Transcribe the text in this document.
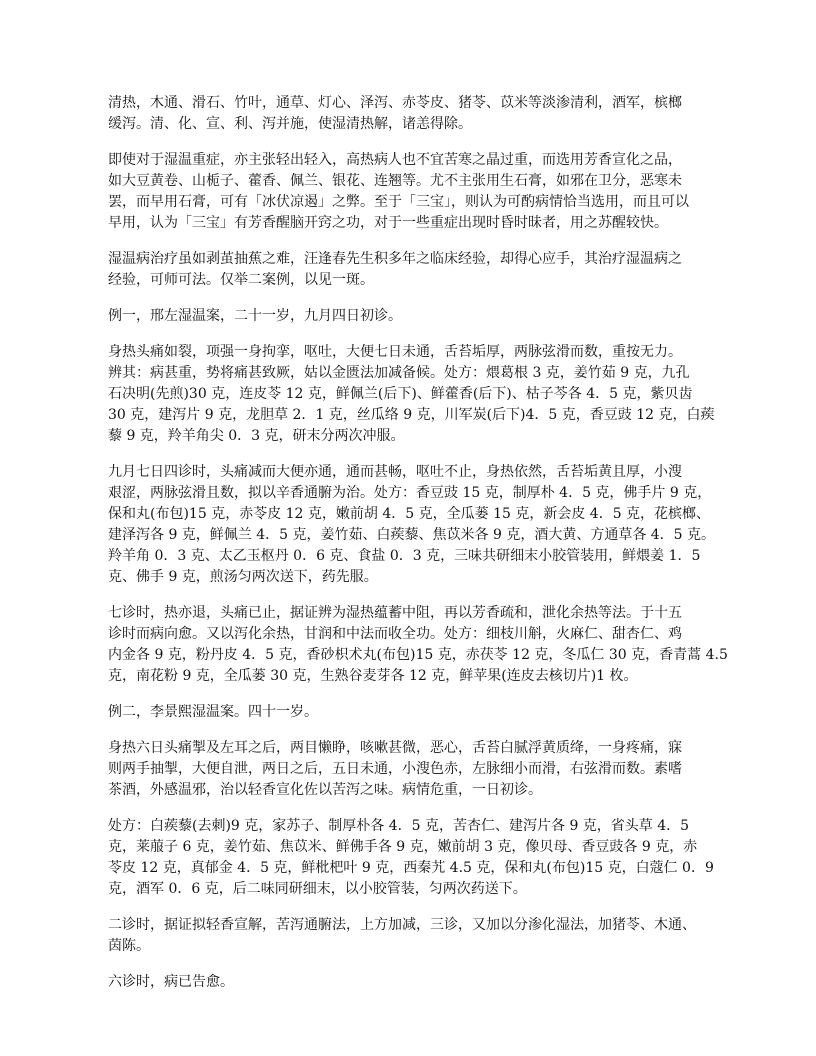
清热，木通、滑石、竹叶，通草、灯心、泽泻、赤苓皮、猪苓、苡米等淡渗清利，酒军，槟榔
缓泻。清、化、宣、利、泻并施，使湿清热解，诸恙得除。
即使对于湿温重症，亦主张轻出轻入，高热病人也不宜苦寒之晶过重，而选用芳香宣化之品，
如大豆黄卷、山栀子、藿香、佩兰、银花、连翘等。尤不主张用生石膏，如邪在卫分，恶寒未
罢，而早用石膏，可有「冰伏凉遏」之弊。至于「三宝」，则认为可酌病情恰当选用，而且可以
早用，认为「三宝」有芳香醒脑开窍之功，对于一些重症出现时昏时昧者，用之苏醒较快。
湿温病治疗虽如剥茧抽蕉之难，汪逢春先生积多年之临床经验，却得心应手，其治疗湿温病之
经验，可师可法。仅举二案例，以见一斑。
例一，邢左湿温案，二十一岁，九月四日初诊。
身热头痛如裂，项强一身拘挛，呕吐，大便七日未通，舌苔垢厚，两脉弦滑而数，重按无力。
辨其：病甚重，势将痛甚致厥，姑以金匮法加减备候。处方：煨葛根 3 克，姜竹茹 9 克，九孔
石决明(先煎)30 克，连皮苓 12 克，鲜佩兰(后下)、鲜藿香(后下)、枯子芩各 4．5 克，紫贝齿
30 克，建泻片 9 克，龙胆草 2．1 克，丝瓜络 9 克，川军炭(后下)4．5 克，香豆豉 12 克，白蒺
藜 9 克，羚羊角尖 0．3 克，研末分两次冲服。
九月七日四诊时，头痛减而大便亦通，通而甚畅，呕吐不止，身热依然，舌苔垢黄且厚，小溲
艰涩，两脉弦滑且数，拟以辛香通腑为治。处方：香豆豉 15 克，制厚朴 4．5 克，佛手片 9 克，
保和丸(布包)15 克，赤苓皮 12 克，嫩前胡 4．5 克，全瓜蒌 15 克，新会皮 4．5 克，花槟榔、
建泽泻各 9 克，鲜佩兰 4．5 克，姜竹茹、白蒺藜、焦苡米各 9 克，酒大黄、方通草各 4．5 克。
羚羊角 0．3 克、太乙玉枢丹 0．6 克、食盐 0．3 克，三味共研细末小胶管装用，鲜煨姜 1．5
克、佛手 9 克，煎汤匀两次送下，药先服。
七诊时，热亦退，头痛已止，据证辨为湿热蕴蓄中阻，再以芳香疏和，泄化余热等法。于十五
诊时而病向愈。又以泻化余热，甘润和中法而收全功。处方：细枝川斛，火麻仁、甜杏仁、鸡
内金各 9 克，粉丹皮 4．5 克，香砂枳术丸(布包)15 克，赤茯苓 12 克，冬瓜仁 30 克，香青蒿 4.5
克，南花粉 9 克，全瓜蒌 30 克，生熟谷麦芽各 12 克，鲜苹果(连皮去核切片)1 枚。
例二，李景熙湿温案。四十一岁。
身热六日头痛掣及左耳之后，两目懒睁，咳嗽甚微，恶心，舌苔白腻浮黄质绛，一身疼痛，寐
则两手抽掣，大便自泄，两日之后，五日未通，小溲色赤，左脉细小而滑，右弦滑而数。素嗜
茶酒，外感温邪，治以轻香宣化佐以苦泻之味。病情危重，一日初诊。
处方：白蒺藜(去刺)9 克，家苏子、制厚朴各 4．5 克，苦杏仁、建泻片各 9 克，省头草 4．5
克，莱菔子 6 克，姜竹茹、焦苡米、鲜佛手各 9 克，嫩前胡 3 克，像贝母、香豆豉各 9 克，赤
苓皮 12 克，真郁金 4．5 克，鲜枇杷叶 9 克，西秦艽 4.5 克，保和丸(布包)15 克，白蔻仁 0．9
克，酒军 0．6 克，后二味同研细末，以小胶管装，匀两次药送下。
二诊时，据证拟轻香宣解，苦泻通腑法，上方加减，三诊，又加以分渗化湿法，加猪苓、木通、
茵陈。
六诊时，病已告愈。
